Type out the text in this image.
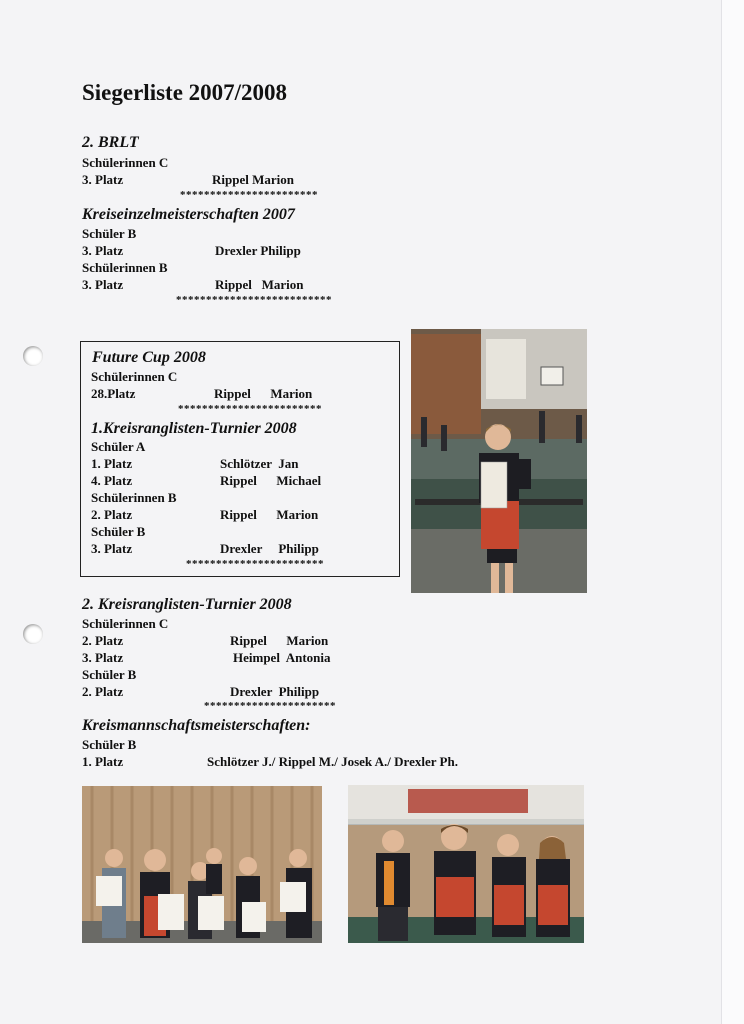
Siegerliste 2007/2008
2. BRLT
Schülerinnen C
3. Platz	Rippel Marion
***********************
Kreiseinzelmeisterschaften 2007
Schüler B
3. Platz	Drexler Philipp
Schülerinnen B
3. Platz	Rippel   Marion
**************************
Future Cup 2008
Schülerinnen C
28.Platz	Rippel      Marion
************************
1.Kreisranglisten-Turnier 2008
Schüler A
1. Platz	Schlötzer  Jan
4. Platz	Rippel      Michael
Schülerinnen B
2. Platz	Rippel      Marion
Schüler B
3. Platz	Drexler     Philipp
***********************
2. Kreisranglisten-Turnier 2008
Schülerinnen C
2. Platz	Rippel      Marion
3. Platz	Heimpel  Antonia
Schüler B
2. Platz	Drexler  Philipp
**********************
Kreismannschaftsmeisterschaften:
Schüler B
1. Platz	Schlötzer J./ Rippel M./ Josek A./ Drexler Ph.
